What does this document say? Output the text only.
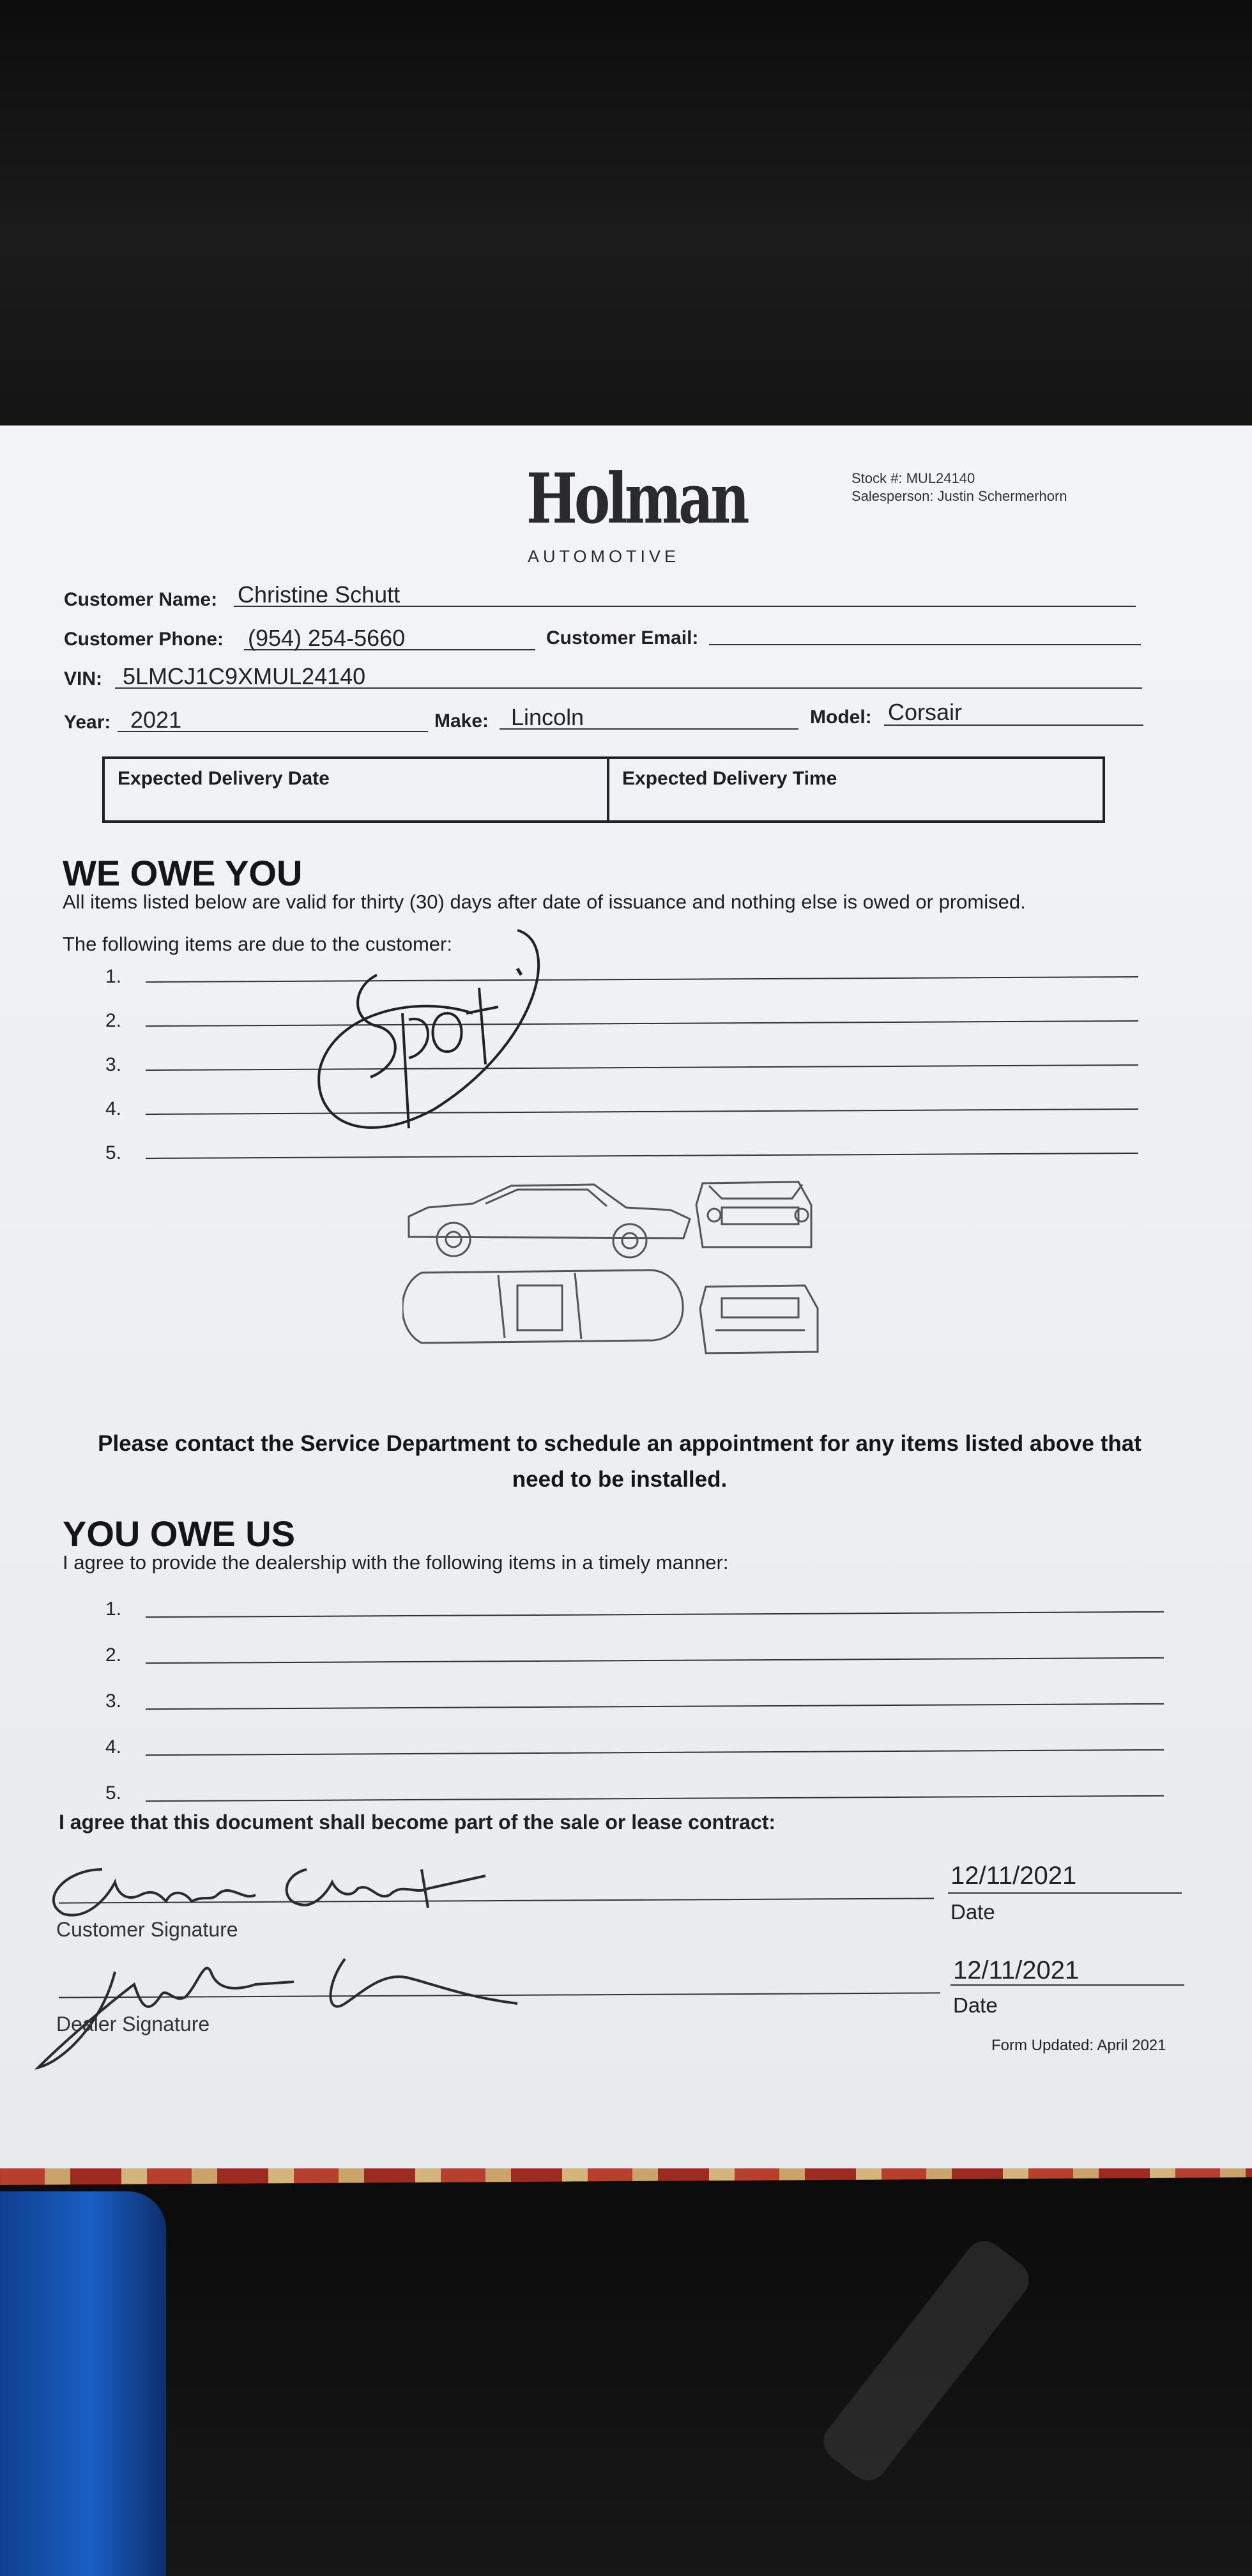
Holman
AUTOMOTIVE
Stock #: MUL24140
Salesperson: Justin Schermerhorn
Customer Name: Christine Schutt
Customer Phone: (954) 254-5660	Customer Email:
VIN: 5LMCJ1C9XMUL24140
Year: 2021	Make: Lincoln	Model: Corsair
Expected Delivery Date	Expected Delivery Time
WE OWE YOU
All items listed below are valid for thirty (30) days after date of issuance and nothing else is owed or promised.
The following items are due to the customer:
1.
2.
3.
4.
5.
Please contact the Service Department to schedule an appointment for any items listed above that need to be installed.
YOU OWE US
I agree to provide the dealership with the following items in a timely manner:
1.
2.
3.
4.
5.
I agree that this document shall become part of the sale or lease contract:
Customer Signature
12/11/2021
Date
Dealer Signature
12/11/2021
Date
Form Updated: April 2021
